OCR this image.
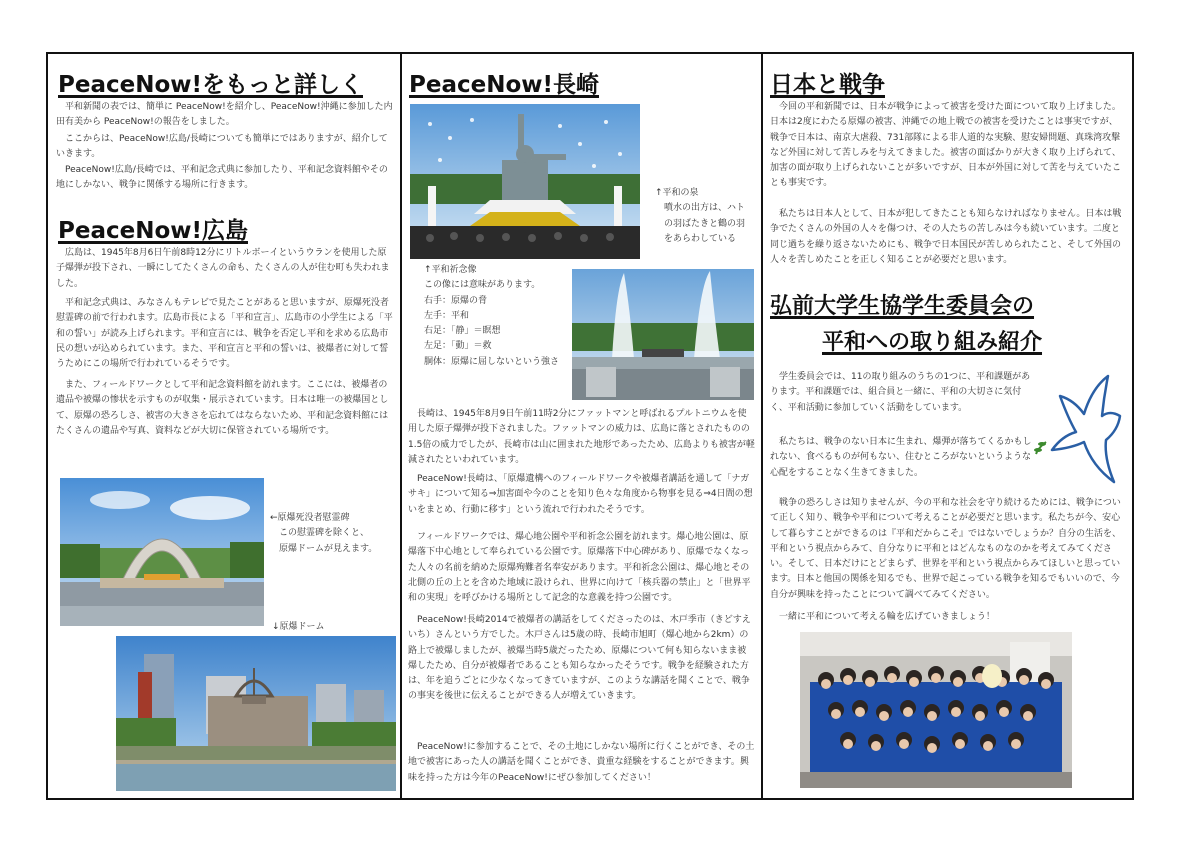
PeaceNow!をもっと詳しく

平和新聞の表では、簡単に PeaceNow!を紹介し、PeaceNow!沖縄に参加した内田有美から PeaceNow!の報告をしました。

ここからは、PeaceNow!広島/長崎についても簡単にではありますが、紹介していきます。

PeaceNow!広島/長崎では、平和記念式典に参加したり、平和記念資料館やその地にしかない、戦争に関係する場所に行きます。

PeaceNow!広島

広島は、1945年8月6日午前8時12分にリトルボーイというウランを使用した原子爆弾が投下され、一瞬にしてたくさんの命も、たくさんの人が住む町も失われました。

平和記念式典は、みなさんもテレビで見たことがあると思いますが、原爆死没者慰霊碑の前で行われます。広島市長による「平和宣言」、広島市の小学生による「平和の誓い」が読み上げられます。平和宣言には、戦争を否定し平和を求める広島市民の想いが込められています。また、平和宣言と平和の誓いは、被爆者に対して誓うためにこの場所で行われているそうです。

また、フィールドワークとして平和記念資料館を訪れます。ここには、被爆者の遺品や被爆の惨状を示すものが収集・展示されています。日本は唯一の被爆国として、原爆の恐ろしさ、被害の大きさを忘れてはならないため、平和記念資料館にはたくさんの遺品や写真、資料などが大切に保管されている場所です。

←原爆死没者慰霊碑
　この慰霊碑を除くと、
　原爆ドームが見えます。

↓原爆ドーム

PeaceNow!長崎

↑平和の泉
　噴水の出方は、ハト
　の羽ばたきと鶴の羽
　をあらわしている

↑平和祈念像
この像には意味があります。
右手：原爆の脅
左手：平和
右足：「静」＝瞑想
左足：「動」＝救
胴体：原爆に屈しないという強さ

長崎は、1945年8月9日午前11時2分にファットマンと呼ばれるプルトニウムを使用した原子爆弾が投下されました。ファットマンの威力は、広島に落とされたものの1.5倍の威力でしたが、長崎市は山に囲まれた地形であったため、広島よりも被害が軽減されたといわれています。

PeaceNow!長崎は、「原爆遺構へのフィールドワークや被爆者講話を通して「ナガサキ」について知る⇒加害面や今のことを知り色々な角度から物事を見る⇒4日間の想いをまとめ、行動に移す」という流れで行われたそうです。

フィールドワークでは、爆心地公園や平和祈念公園を訪れます。爆心地公園は、原爆落下中心地として奉られている公園です。原爆落下中心碑があり、原爆でなくなった人々の名前を納めた原爆殉難者名奉安があります。平和祈念公園は、爆心地とその北側の丘の上とを含めた地域に設けられ、世界に向けて「核兵器の禁止」と「世界平和の実現」を呼びかける場所として記念的な意義を持つ公園です。

PeaceNow!長崎2014で被爆者の講話をしてくださったのは、木戸季市（きどすえいち）さんという方でした。木戸さんは5歳の時、長崎市旭町（爆心地から2km）の路上で被爆しましたが、被爆当時5歳だったため、原爆について何も知らないまま被爆したため、自分が被爆者であることも知らなかったそうです。戦争を経験された方は、年を追うごとに少なくなってきていますが、このような講話を聞くことで、戦争の事実を後世に伝えることができる人が増えていきます。

PeaceNow!に参加することで、その土地にしかない場所に行くことができ、その土地で被害にあった人の講話を聞くことができ、貴重な経験をすることができます。興味を持った方は今年のPeaceNow!にぜひ参加してください！

日本と戦争

今回の平和新聞では、日本が戦争によって被害を受けた面について取り上げました。日本は2度にわたる原爆の被害、沖縄での地上戦での被害を受けたことは事実ですが、戦争で日本は、南京大虐殺、731部隊による非人道的な実験、慰安婦問題、真珠湾攻撃など外国に対して苦しみを与えてきました。被害の面ばかりが大きく取り上げられて、加害の面が取り上げられないことが多いですが、日本が外国に対して苦を与えていたことも事実です。

私たちは日本人として、日本が犯してきたことも知らなければなりません。日本は戦争でたくさんの外国の人々を傷つけ、その人たちの苦しみは今も続いています。二度と同じ過ちを繰り返さないためにも、戦争で日本国民が苦しめられたこと、そして外国の人々を苦しめたことを正しく知ることが必要だと思います。

弘前大学生協学生委員会の
平和への取り組み紹介

学生委員会では、11の取り組みのうちの1つに、平和課題があります。平和課題では、組合員と一緒に、平和の大切さに気付く、平和活動に参加していく活動をしています。

私たちは、戦争のない日本に生まれ、爆弾が落ちてくるかもしれない、食べるものが何もない、住むところがないというような心配をすることなく生きてきました。

戦争の恐ろしさは知りませんが、今の平和な社会を守り続けるためには、戦争について正しく知り、戦争や平和について考えることが必要だと思います。私たちが今、安心して暮らすことができるのは『平和だからこそ』ではないでしょうか？自分の生活を、平和という視点からみて、自分なりに平和とはどんなものなのかを考えてみてください。そして、日本だけにとどまらず、世界を平和という視点からみてほしいと思っています。日本と他国の関係を知るでも、世界で起こっている戦争を知るでもいいので、今自分が興味を持ったことについて調べてみてください。

一緒に平和について考える輪を広げていきましょう！
